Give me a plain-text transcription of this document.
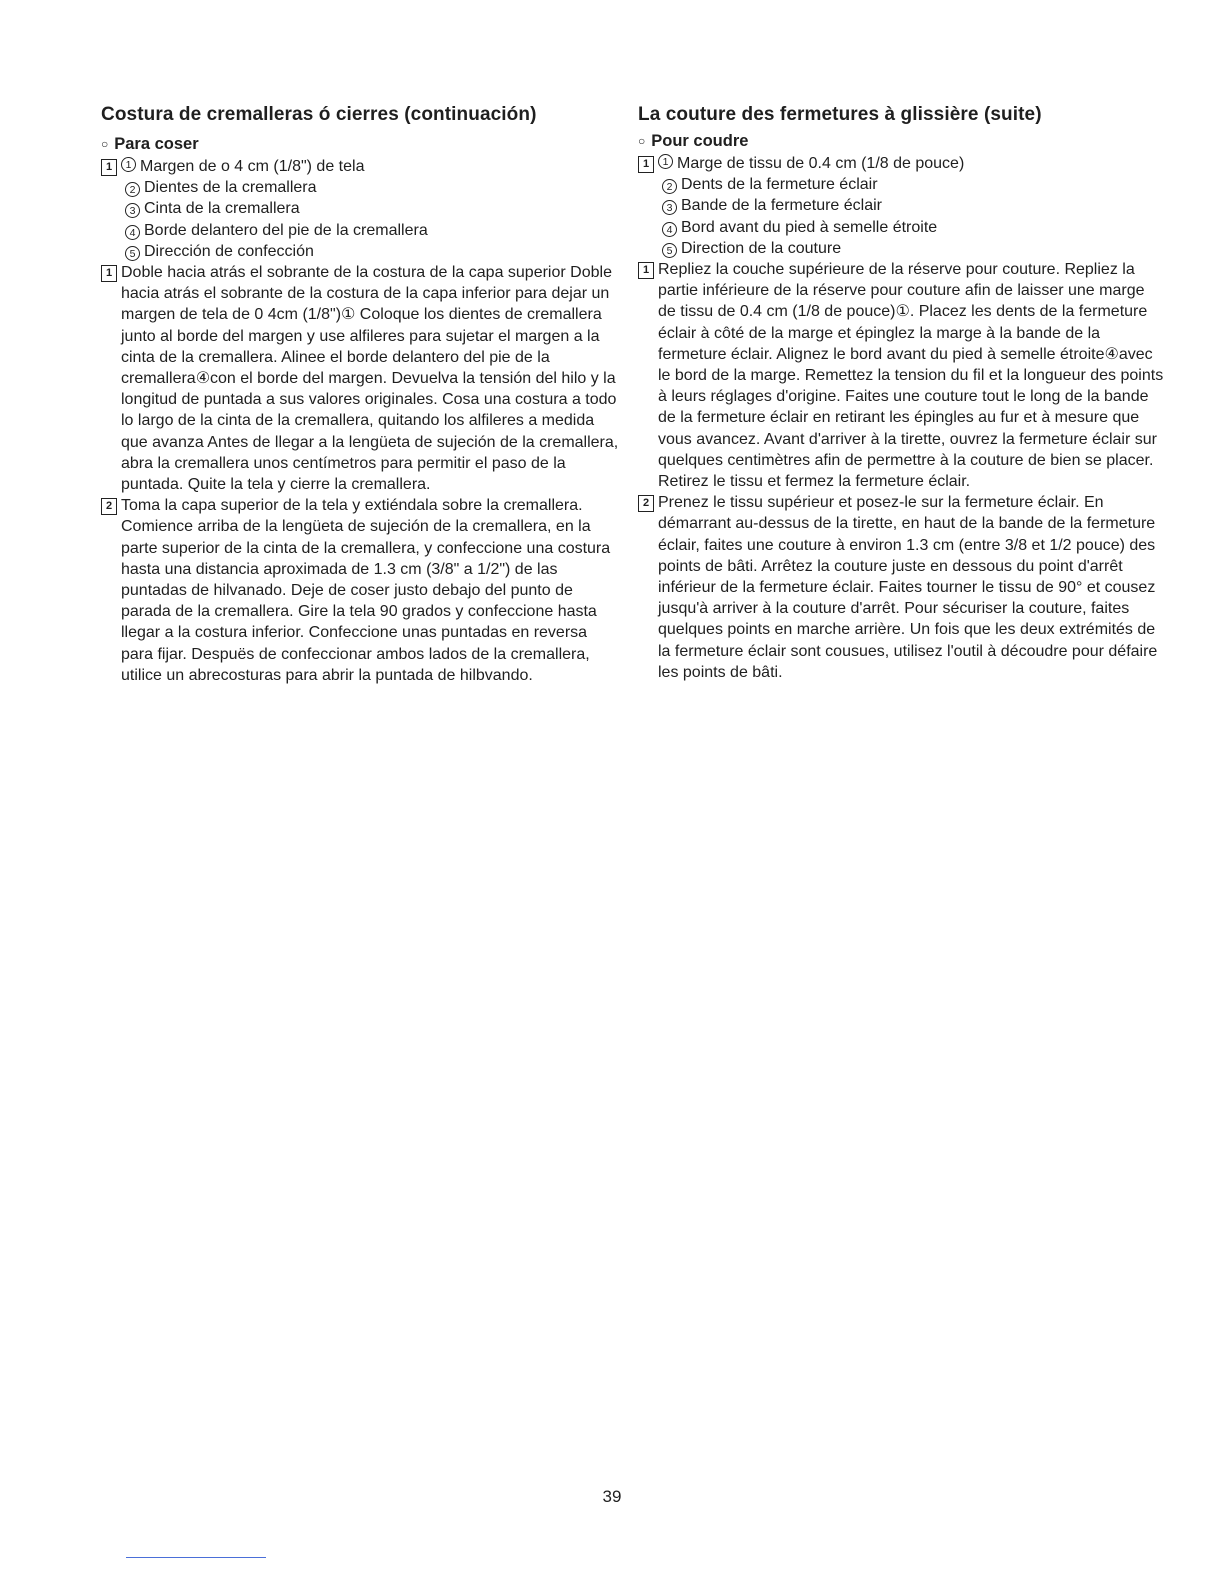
Costura de cremalleras ó cierres (continuación)

○ Para coser

1	1 Margen de o 4 cm (1/8") de tela
2 Dientes de la cremallera
3 Cinta de la cremallera
4 Borde delantero del pie de la cremallera
5 Dirección de confección
1 Doble hacia atrás el sobrante de la costura de la capa superior Doble hacia atrás el sobrante de la costura de la capa inferior para dejar un margen de tela de 0 4cm (1/8")① Coloque los dientes de cremallera junto al borde del margen y use alfileres para sujetar el margen a la cinta de la cremallera. Alinee el borde delantero del pie de la cremallera④con el borde del margen. Devuelva la tensión del hilo y la longitud de puntada a sus valores originales. Cosa una costura a todo lo largo de la cinta de la cremallera, quitando los alfileres a medida que avanza Antes de llegar a la lengüeta de sujeción de la cremallera, abra la cremallera unos centímetros para permitir el paso de la puntada. Quite la tela y cierre la cremallera.
2 Toma la capa superior de la tela y extiéndala sobre la cremallera. Comience arriba de la lengüeta de sujeción de la cremallera, en la parte superior de la cinta de la cremallera, y confeccione una costura hasta una distancia aproximada de 1.3 cm (3/8" a 1/2") de las puntadas de hilvanado. Deje de coser justo debajo del punto de parada de la cremallera. Gire la tela 90 grados y confeccione hasta llegar a la costura inferior. Confeccione unas puntadas en reversa para fijar. Despuës de confeccionar ambos lados de la cremallera, utilice un abrecosturas para abrir la puntada de hilbvando.
La couture des fermetures à glissière (suite)

○ Pour coudre

1	1 Marge de tissu de 0.4 cm (1/8 de pouce)
2 Dents de la fermeture éclair
3 Bande de la fermeture éclair
4 Bord avant du pied à semelle étroite
5 Direction de la couture
1 Repliez la couche supérieure de la réserve pour couture. Repliez la partie inférieure de la réserve pour couture afin de laisser une marge de tissu de 0.4 cm (1/8 de pouce)①. Placez les dents de la fermeture éclair à côté de la marge et épinglez la marge à la bande de la fermeture éclair. Alignez le bord avant du pied à semelle étroite④avec le bord de la marge. Remettez la tension du fil et la longueur des points à leurs réglages d'origine. Faites une couture tout le long de la bande de la fermeture éclair en retirant les épingles au fur et à mesure que vous avancez. Avant d'arriver à la tirette, ouvrez la fermeture éclair sur quelques centimètres afin de permettre à la couture de bien se placer. Retirez le tissu et fermez la fermeture éclair.
2 Prenez le tissu supérieur et posez-le sur la fermeture éclair. En démarrant au-dessus de la tirette, en haut de la bande de la fermeture éclair, faites une couture à environ 1.3 cm (entre 3/8 et 1/2 pouce) des points de bâti. Arrêtez la couture juste en dessous du point d'arrêt inférieur de la fermeture éclair. Faites tourner le tissu de 90° et cousez jusqu'à arriver à la couture d'arrêt. Pour sécuriser la couture, faites quelques points en marche arrière. Un fois que les deux extrémités de la fermeture éclair sont cousues, utilisez l'outil à découdre pour défaire les points de bâti.
39
